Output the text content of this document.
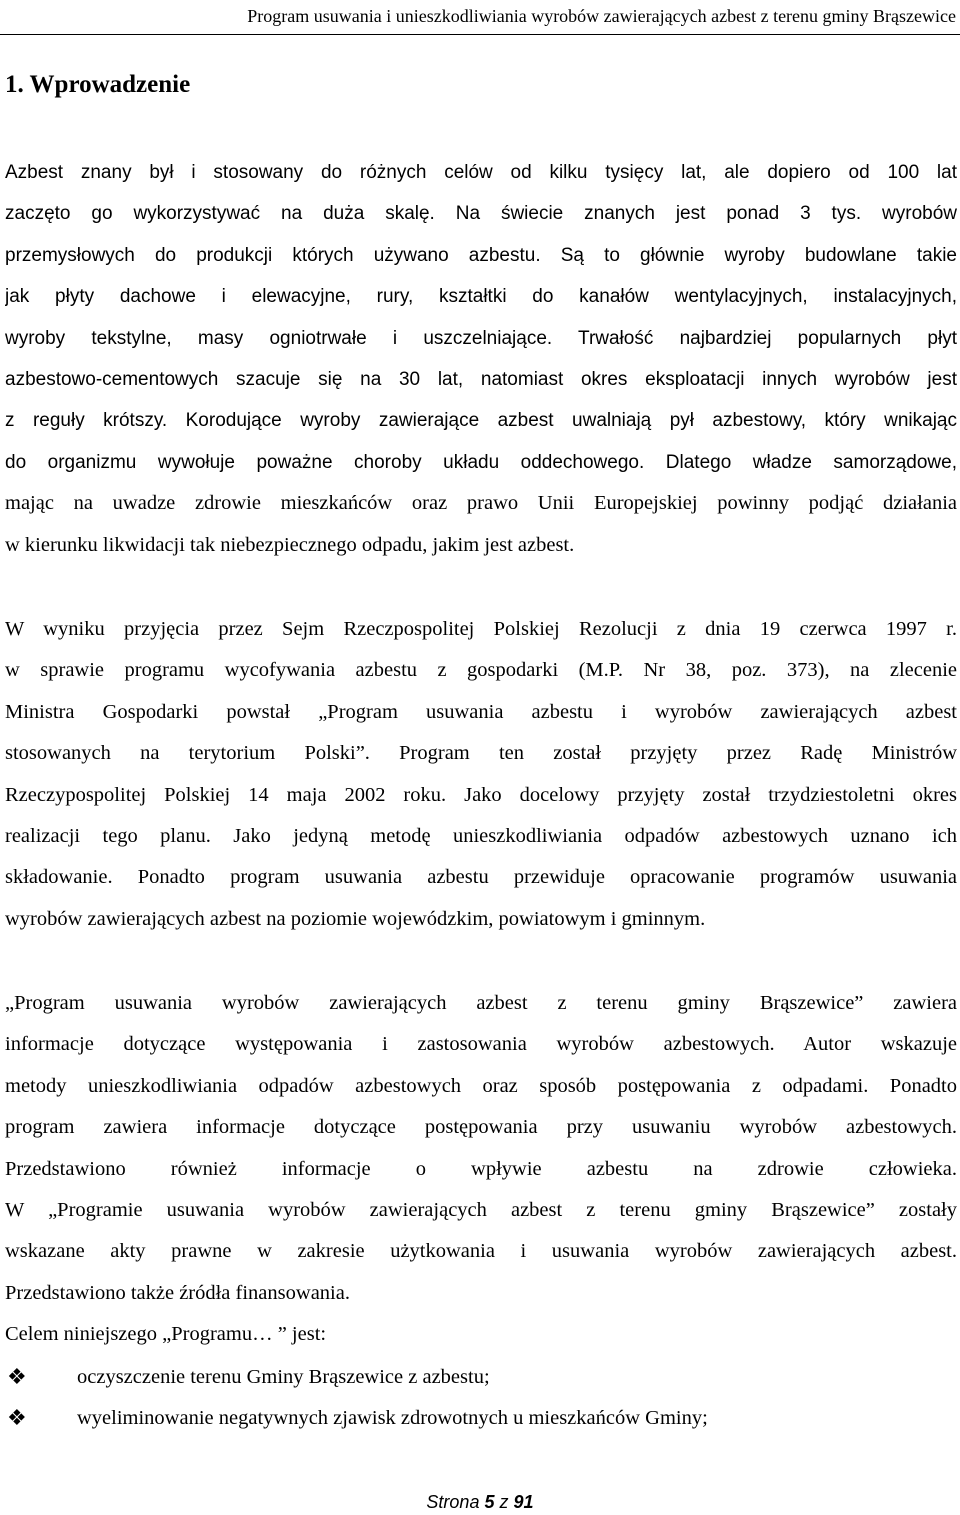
Program usuwania i unieszkodliwiania wyrobów zawierających azbest z terenu gminy Brąszewice
1. Wprowadzenie
Azbest znany był i stosowany do różnych celów od kilku tysięcy lat, ale dopiero od 100 lat
zaczęto go wykorzystywać na duża skalę. Na świecie znanych jest ponad 3 tys. wyrobów
przemysłowych do produkcji których używano azbestu. Są to głównie wyroby budowlane takie
jak płyty dachowe i elewacyjne, rury, kształtki do kanałów wentylacyjnych, instalacyjnych,
wyroby tekstylne, masy ogniotrwałe i uszczelniające. Trwałość najbardziej popularnych płyt
azbestowo-cementowych szacuje się na 30 lat, natomiast okres eksploatacji innych wyrobów jest
z reguły krótszy. Korodujące wyroby zawierające azbest uwalniają pył azbestowy, który wnikając
do organizmu wywołuje poważne choroby układu oddechowego. Dlatego władze samorządowe,
mając na uwadze zdrowie mieszkańców oraz prawo Unii Europejskiej powinny podjąć działania
w kierunku likwidacji tak niebezpiecznego odpadu, jakim jest azbest.
W wyniku przyjęcia przez Sejm Rzeczpospolitej Polskiej Rezolucji z dnia 19 czerwca 1997 r.
w sprawie programu wycofywania azbestu z gospodarki (M.P. Nr 38, poz. 373), na zlecenie
Ministra Gospodarki powstał „Program usuwania azbestu i wyrobów zawierających azbest
stosowanych na terytorium Polski”. Program ten został przyjęty przez Radę Ministrów
Rzeczypospolitej Polskiej 14 maja 2002 roku. Jako docelowy przyjęty został trzydziestoletni okres
realizacji tego planu. Jako jedyną metodę unieszkodliwiania odpadów azbestowych uznano ich
składowanie. Ponadto program usuwania azbestu przewiduje opracowanie programów usuwania
wyrobów zawierających azbest na poziomie wojewódzkim, powiatowym i gminnym.
„Program usuwania wyrobów zawierających azbest z terenu gminy Brąszewice” zawiera
informacje dotyczące występowania i zastosowania wyrobów azbestowych. Autor wskazuje
metody unieszkodliwiania odpadów azbestowych oraz sposób postępowania z odpadami. Ponadto
program zawiera informacje dotyczące postępowania przy usuwaniu wyrobów azbestowych.
Przedstawiono również informacje o wpływie azbestu na zdrowie człowieka.
W „Programie usuwania wyrobów zawierających azbest z terenu gminy Brąszewice” zostały
wskazane akty prawne w zakresie użytkowania i usuwania wyrobów zawierających azbest.
Przedstawiono także źródła finansowania.
Celem niniejszego „Programu… ” jest:
❖	oczyszczenie terenu Gminy Brąszewice z azbestu;
❖	wyeliminowanie negatywnych zjawisk zdrowotnych u mieszkańców Gminy;
Strona 5 z 91
